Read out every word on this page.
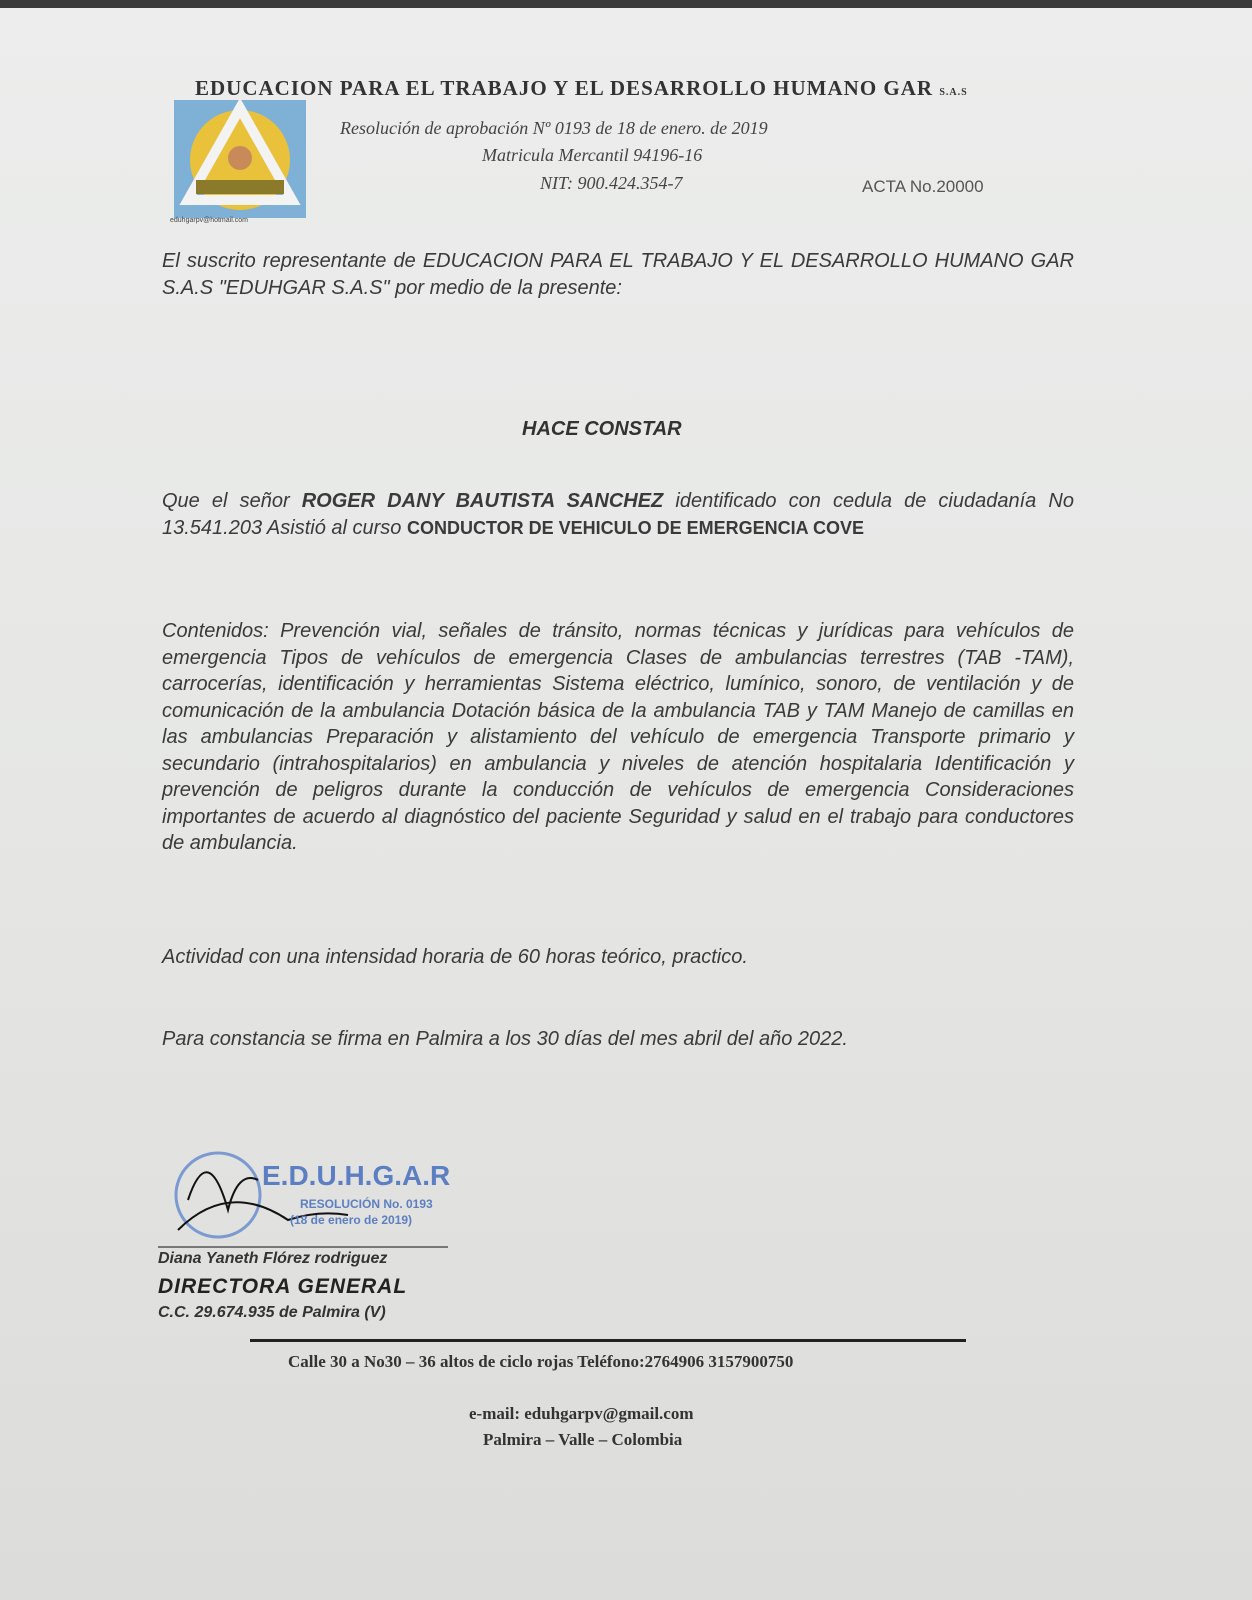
EDUCACION PARA EL TRABAJO Y EL DESARROLLO HUMANO GAR S.A.S
eduhgarpv@hotmail.com
Resolución de aprobación Nº 0193 de 18 de enero. de 2019
Matricula Mercantil 94196-16
NIT: 900.424.354-7	ACTA No.20000
El suscrito representante de EDUCACION PARA EL TRABAJO Y EL DESARROLLO HUMANO GAR S.A.S "EDUHGAR S.A.S" por medio de la presente:
HACE CONSTAR
Que el señor ROGER DANY BAUTISTA SANCHEZ identificado con cedula de ciudadanía No 13.541.203 Asistió al curso CONDUCTOR DE VEHICULO DE EMERGENCIA COVE
Contenidos: Prevención vial, señales de tránsito, normas técnicas y jurídicas para vehículos de emergencia Tipos de vehículos de emergencia Clases de ambulancias terrestres (TAB -TAM), carrocerías, identificación y herramientas Sistema eléctrico, lumínico, sonoro, de ventilación y de comunicación de la ambulancia Dotación básica de la ambulancia TAB y TAM Manejo de camillas en las ambulancias Preparación y alistamiento del vehículo de emergencia Transporte primario y secundario (intrahospitalarios) en ambulancia y niveles de atención hospitalaria Identificación y prevención de peligros durante la conducción de vehículos de emergencia Consideraciones importantes de acuerdo al diagnóstico del paciente Seguridad y salud en el trabajo para conductores de ambulancia.
Actividad con una intensidad horaria de 60 horas teórico, practico.
Para constancia se firma en Palmira a los 30 días del mes abril del año 2022.
E.D.U.H.G.A.R
RESOLUCIÓN No. 0193
(18 de enero de 2019)
Diana Yaneth Flórez rodriguez
DIRECTORA GENERAL
C.C. 29.674.935 de Palmira (V)
Calle 30 a No30 – 36 altos de ciclo rojas Teléfono:2764906 3157900750
e-mail: eduhgarpv@gmail.com
Palmira – Valle – Colombia
